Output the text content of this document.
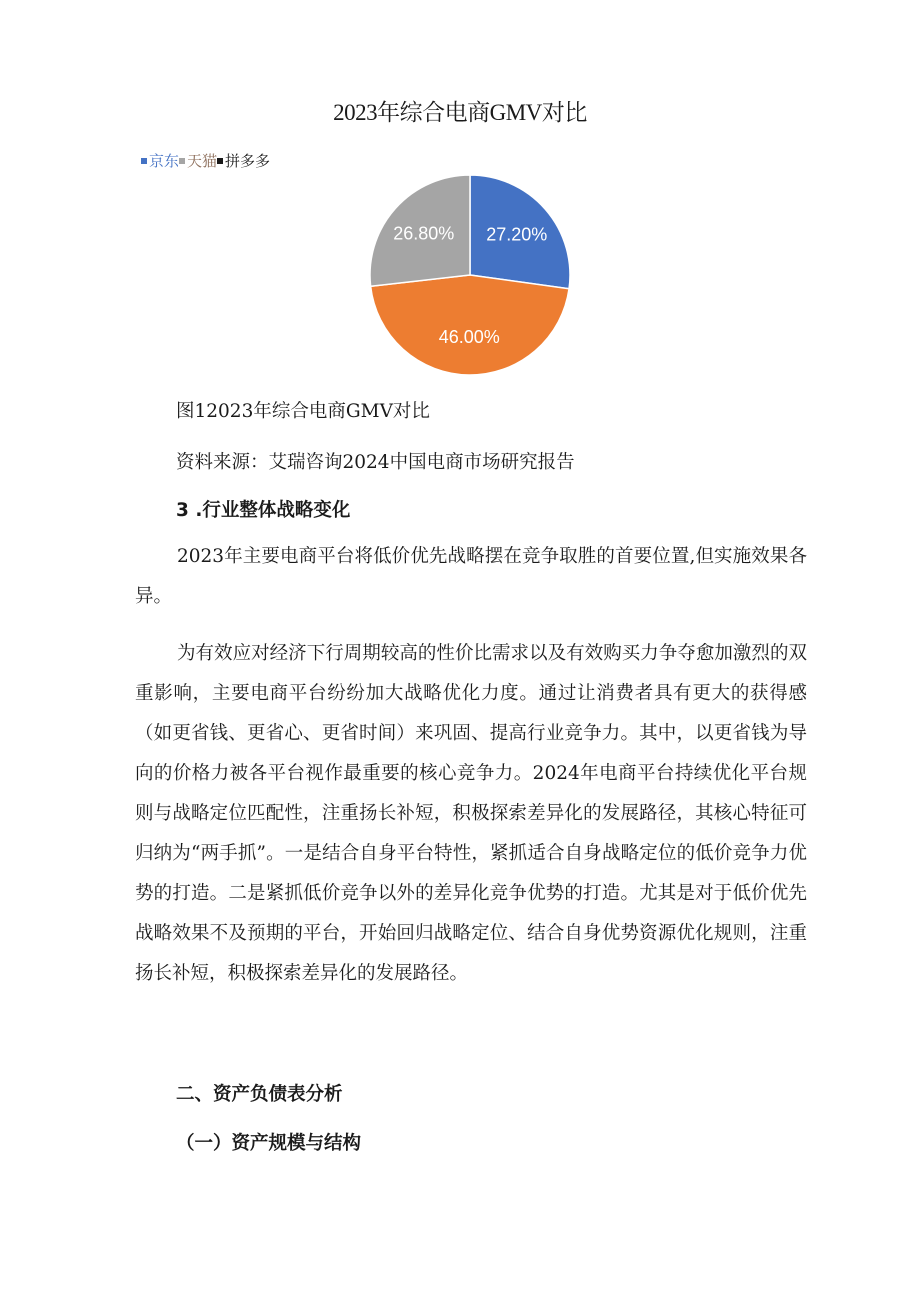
2023年综合电商GMV对比
京东 天猫 拼多多
27.20%
46.00%
26.80%
图12023年综合电商GMV对比
资料来源：艾瑞咨询2024中国电商市场研究报告
3 .行业整体战略变化
2023年主要电商平台将低价优先战略摆在竞争取胜的首要位置,但实施效果各异。
为有效应对经济下行周期较高的性价比需求以及有效购买力争夺愈加激烈的双重影响，主要电商平台纷纷加大战略优化力度。通过让消费者具有更大的获得感（如更省钱、更省心、更省时间）来巩固、提高行业竞争力。其中，以更省钱为导向的价格力被各平台视作最重要的核心竞争力。2024年电商平台持续优化平台规则与战略定位匹配性，注重扬长补短，积极探索差异化的发展路径，其核心特征可归纳为“两手抓”。一是结合自身平台特性，紧抓适合自身战略定位的低价竞争力优势的打造。二是紧抓低价竞争以外的差异化竞争优势的打造。尤其是对于低价优先战略效果不及预期的平台，开始回归战略定位、结合自身优势资源优化规则，注重扬长补短，积极探索差异化的发展路径。
二、资产负债表分析
（一）资产规模与结构
